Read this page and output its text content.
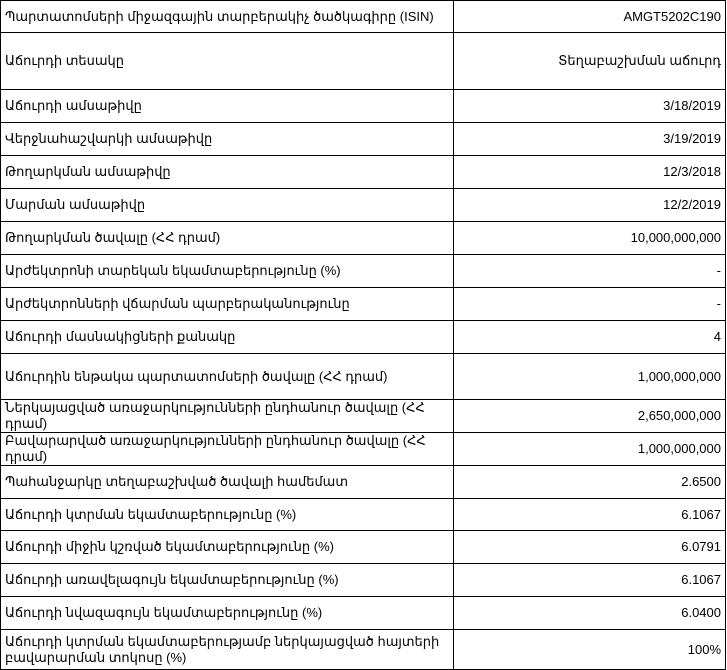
Պարտատոմսերի միջազգային տարբերակիչ ծածկագիրը (ISIN)	AMGT5202C190
Աճուրդի տեսակը	Տեղաբաշխման աճուրդ
Աճուրդի ամսաթիվը	3/18/2019
Վերջնահաշվարկի ամսաթիվը	3/19/2019
Թողարկման ամսաթիվը	12/3/2018
Մարման ամսաթիվը	12/2/2019
Թողարկման ծավալը (ՀՀ դրամ)	10,000,000,000
Արժեկտրոնի տարեկան եկամտաբերությունը (%)	-
Արժեկտրոնների վճարման պարբերականությունը	-
Աճուրդի մասնակիցների քանակը	4
Աճուրդին ենթակա պարտատոմսերի ծավալը (ՀՀ դրամ)	1,000,000,000
Ներկայացված առաջարկությունների ընդհանուր ծավալը (ՀՀ դրամ)	2,650,000,000
Բավարարված առաջարկությունների ընդհանուր ծավալը (ՀՀ դրամ)	1,000,000,000
Պահանջարկը տեղաբաշխված ծավալի համեմատ	2.6500
Աճուրդի կտրման եկամտաբերությունը (%)	6.1067
Աճուրդի միջին կշռված եկամտաբերությունը (%)	6.0791
Աճուրդի առավելագույն եկամտաբերությունը (%)	6.1067
Աճուրդի նվազագույն եկամտաբերությունը (%)	6.0400
Աճուրդի կտրման եկամտաբերությամբ ներկայացված հայտերի բավարարման տոկոսը (%)	100%
